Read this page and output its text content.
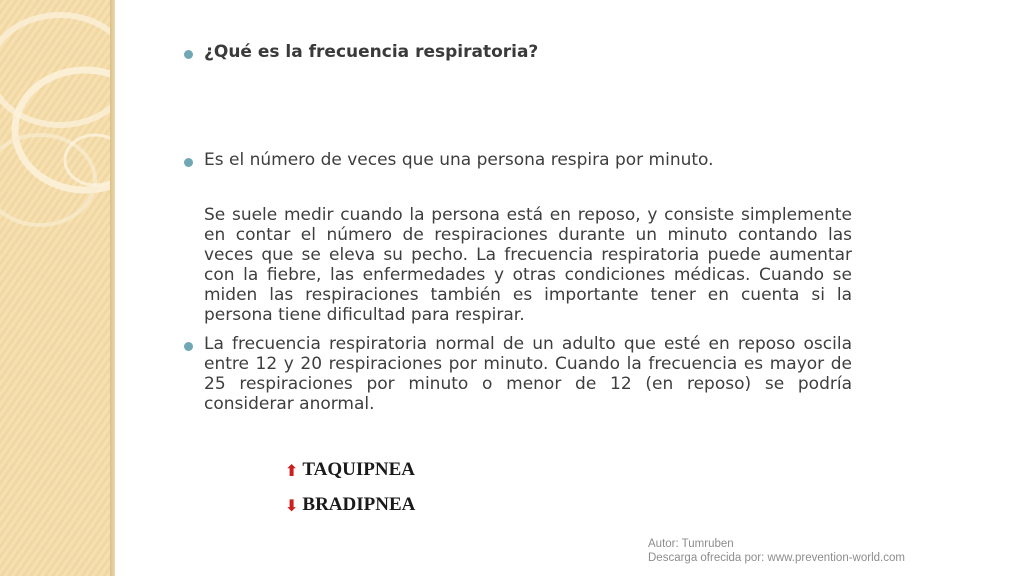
¿Qué es la frecuencia respiratoria?
Es el número de veces que una persona respira por minuto.
Se suele medir cuando la persona está en reposo, y consiste simplemente en contar el número de respiraciones durante un minuto contando las veces que se eleva su pecho. La frecuencia respiratoria puede aumentar con la fiebre, las enfermedades y otras condiciones médicas. Cuando se miden las respiraciones también es importante tener en cuenta si la persona tiene dificultad para respirar.
La frecuencia respiratoria normal de un adulto que esté en reposo oscila entre 12 y 20 respiraciones por minuto. Cuando la frecuencia es mayor de 25 respiraciones por minuto o menor de 12 (en reposo) se podría considerar anormal.
⬆ TAQUIPNEA
⬇ BRADIPNEA
Autor: Tumruben
Descarga ofrecida por: www.prevention-world.com
